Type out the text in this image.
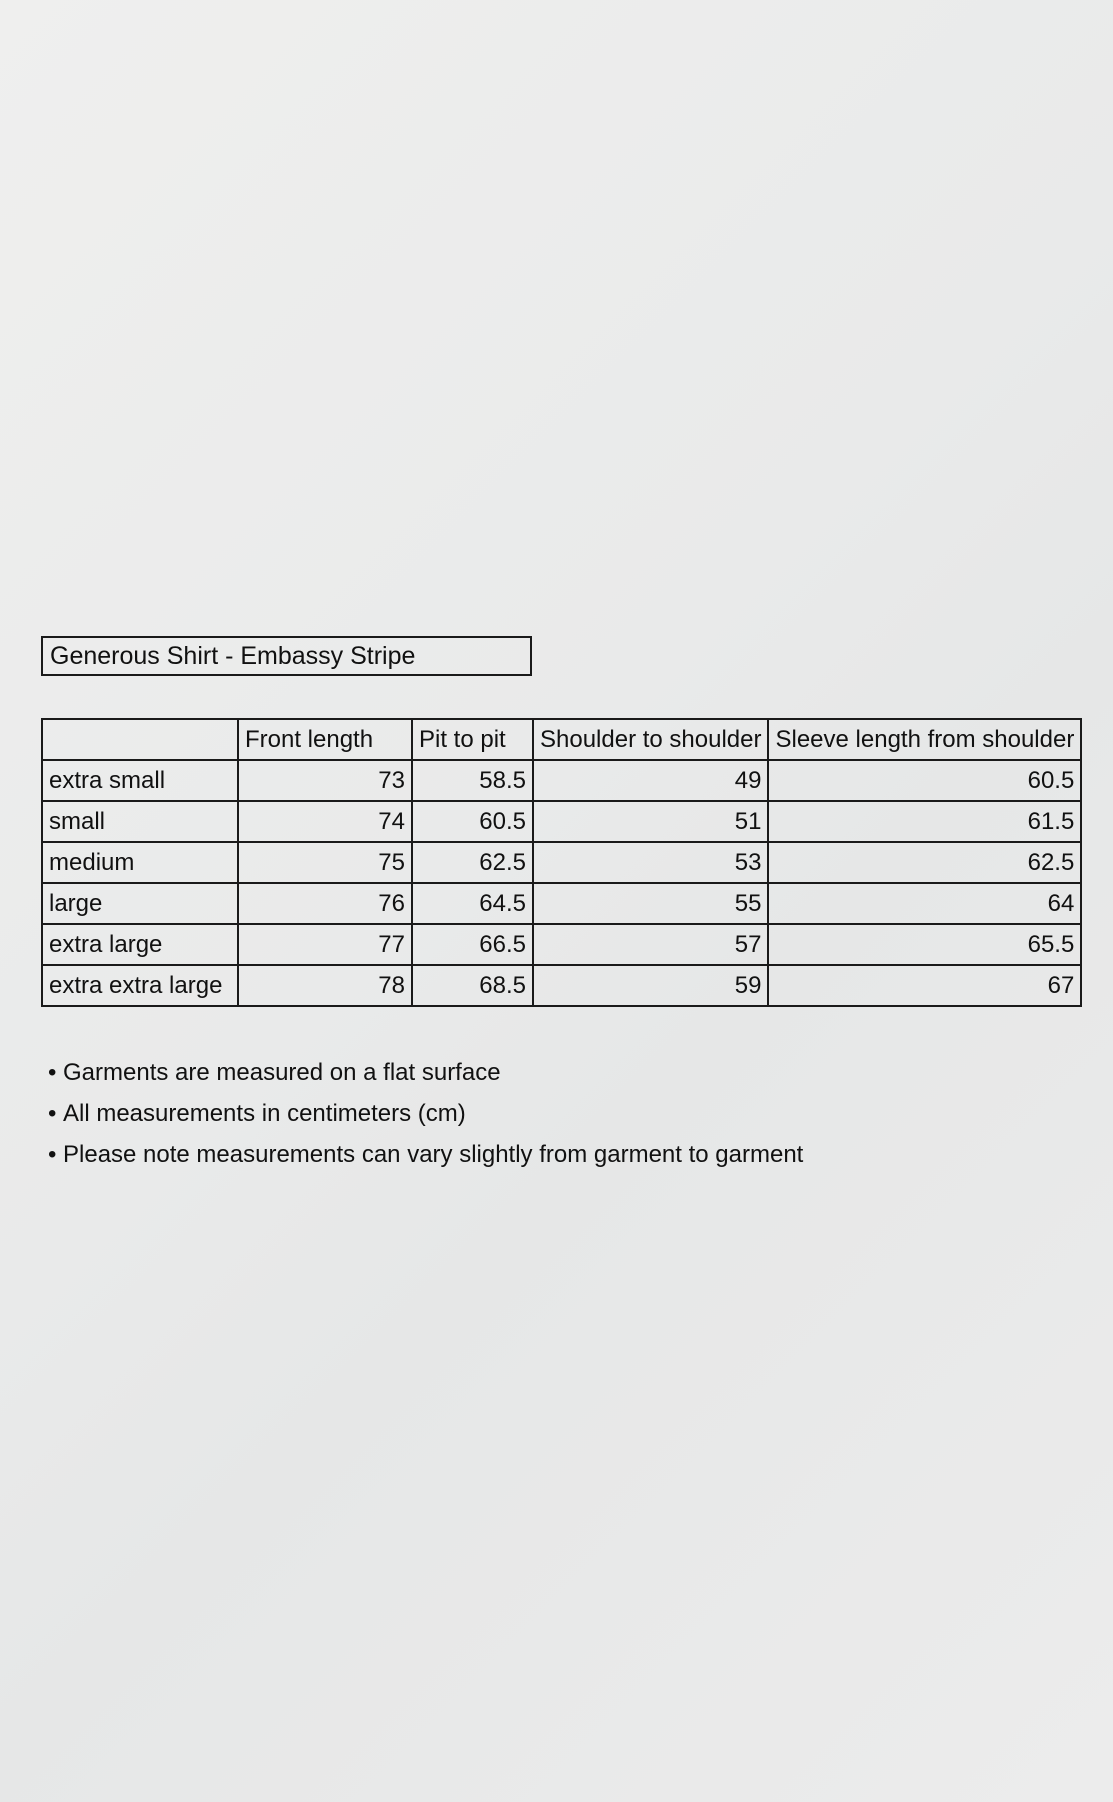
Generous Shirt - Embassy Stripe
	Front length	Pit to pit	Shoulder to shoulder	Sleeve length from shoulder
extra small	73	58.5	49	60.5
small	74	60.5	51	61.5
medium	75	62.5	53	62.5
large	76	64.5	55	64
extra large	77	66.5	57	65.5
extra extra large	78	68.5	59	67
• Garments are measured on a flat surface
• All measurements in centimeters (cm)
• Please note measurements can vary slightly from garment to garment
